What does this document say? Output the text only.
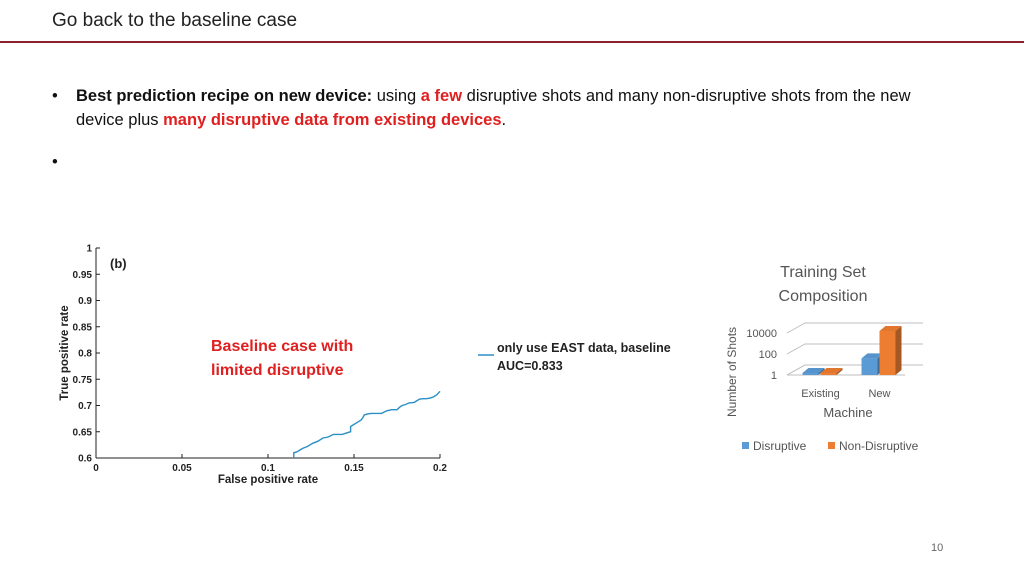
Go back to the baseline case
• Best prediction recipe on new device: using a few disruptive shots and many non-disruptive shots from the new device plus many disruptive data from existing devices.
•

0.6
0.65
0.7
0.75
0.8
0.85
0.9
0.95
1
0	0.05	0.1	0.15	0.2
(b)
False positive rate
True positive rate	Baseline case with
limited disruptive
only use EAST data, baseline
AUC=0.833
Training Set
Composition
10000
100
1
Existing	New
Number of Shots	Machine
Disruptive	Non-Disruptive
10
